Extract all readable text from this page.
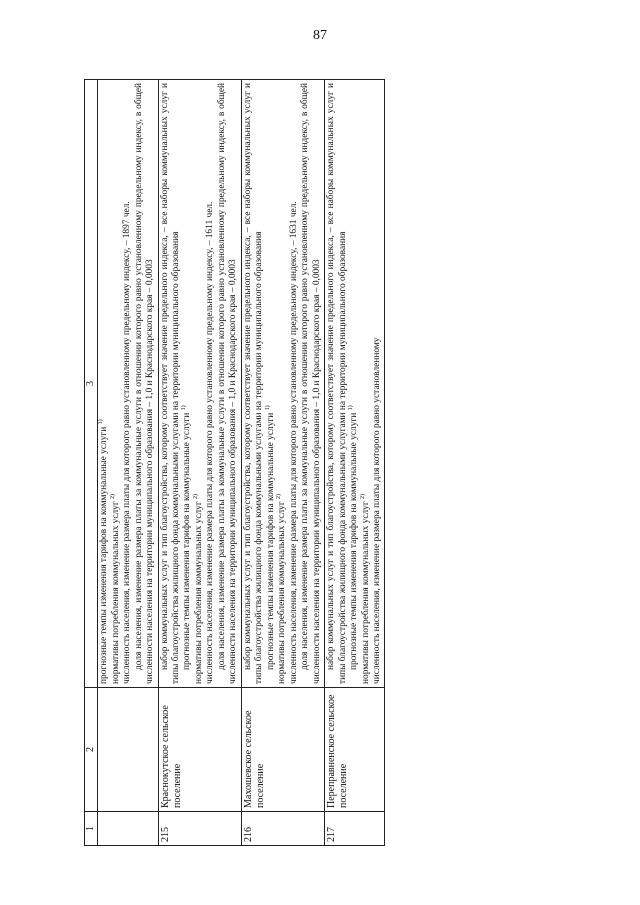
87
1	2	3

		прогнозные темпы изменения тарифов на коммунальные услуги $^{1)}$

нормативы потребления коммунальных услуг $^{2)}$ численность населения, изменение размера платы для которого равно установленному предельному индексу, – 1897 чел. доля населения, изменение размера платы за коммунальные услуги в отношении которого равно установленному предельному индексу, в общей численности населения на территории муниципального образования – 1,0 и Краснодарского края – 0,0003

215	Краснокутское сельское поселение	набор коммунальных услуг и тип благоустройства, которому соответствует значение предельного индекса, – все наборы коммунальных услуг и типы благоустройства жилищного фонда коммунальными услугами на территории муниципального образования прогнозные темпы изменения тарифов на коммунальные услуги $^{1)}$

нормативы потребления коммунальных услуг $^{2)}$ численность населения, изменение размера платы для которого равно установленному предельному индексу, – 1611 чел. доля населения, изменение размера платы за коммунальные услуги в отношении которого равно установленному предельному индексу, в общей численности населения на территории муниципального образования – 1,0 и Краснодарского края – 0,0003

216	Махошевское сельское поселение	набор коммунальных услуг и тип благоустройства, которому соответствует значение предельного индекса, – все наборы коммунальных услуг и типы благоустройства жилищного фонда коммунальными услугами на территории муниципального образования прогнозные темпы изменения тарифов на коммунальные услуги $^{1)}$

нормативы потребления коммунальных услуг $^{2)}$ численность населения, изменение размера платы для которого равно установленному предельному индексу, – 1631 чел. доля населения, изменение размера платы за коммунальные услуги в отношении которого равно установленному предельному индексу, в общей численности населения на территории муниципального образования – 1,0 и Краснодарского края – 0,0003

217	Переправненское сельское поселение	набор коммунальных услуг и тип благоустройства, которому соответствует значение предельного индекса, – все наборы коммунальных услуг и типы благоустройства жилищного фонда коммунальными услугами на территории муниципального образования прогнозные темпы изменения тарифов на коммунальные услуги $^{1)}$

нормативы потребления коммунальных услуг $^{2)}$ численность населения, изменение размера платы для которого равно установленному
